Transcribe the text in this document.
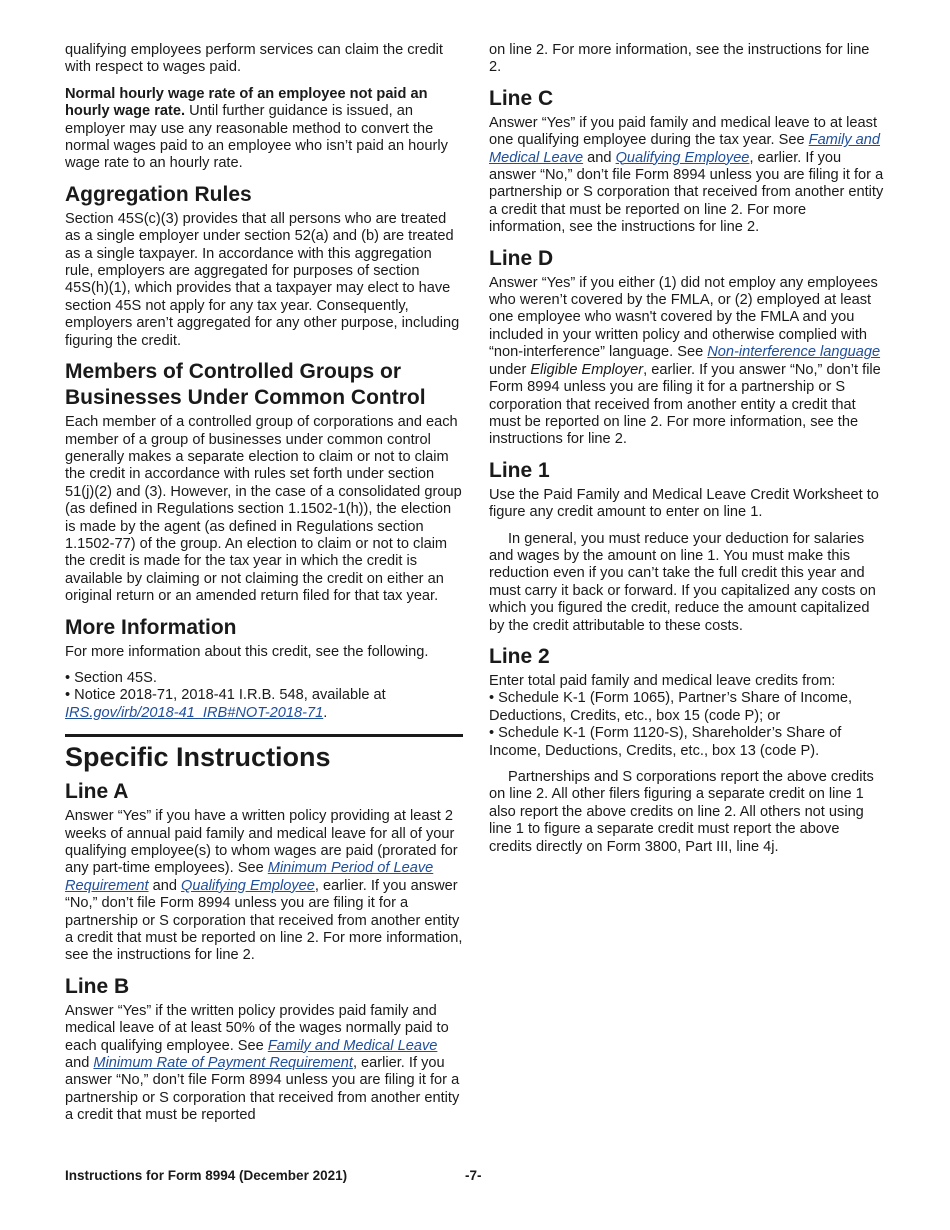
qualifying employees perform services can claim the credit with respect to wages paid.

Normal hourly wage rate of an employee not paid an hourly wage rate. Until further guidance is issued, an employer may use any reasonable method to convert the normal wages paid to an employee who isn’t paid an hourly wage rate to an hourly rate.

Aggregation Rules

Section 45S(c)(3) provides that all persons who are treated as a single employer under section 52(a) and (b) are treated as a single taxpayer. In accordance with this aggregation rule, employers are aggregated for purposes of section 45S(h)(1), which provides that a taxpayer may elect to have section 45S not apply for any tax year. Consequently, employers aren’t aggregated for any other purpose, including figuring the credit.

Members of Controlled Groups or Businesses Under Common Control

Each member of a controlled group of corporations and each member of a group of businesses under common control generally makes a separate election to claim or not to claim the credit in accordance with rules set forth under section 51(j)(2) and (3). However, in the case of a consolidated group (as defined in Regulations section 1.1502-1(h)), the election is made by the agent (as defined in Regulations section 1.1502-77) of the group. An election to claim or not to claim the credit is made for the tax year in which the credit is available by claiming or not claiming the credit on either an original return or an amended return filed for that tax year.

More Information

For more information about this credit, see the following.

• Section 45S.

• Notice 2018-71, 2018-41 I.R.B. 548, available at
IRS.gov/irb/2018-41_IRB#NOT-2018-71.

Specific Instructions
Line A

Answer “Yes” if you have a written policy providing at least 2 weeks of annual paid family and medical leave for all of your qualifying employee(s) to whom wages are paid (prorated for any part-time employees). See Minimum Period of Leave Requirement and Qualifying Employee, earlier. If you answer “No,” don’t file Form 8994 unless you are filing it for a partnership or S corporation that received from another entity a credit that must be reported on line 2. For more information, see the instructions for line 2.

Line B

Answer “Yes” if the written policy provides paid family and medical leave of at least 50% of the wages normally paid to each qualifying employee. See Family and Medical Leave and Minimum Rate of Payment Requirement, earlier. If you answer “No,” don’t file Form 8994 unless you are filing it for a partnership or S corporation that received from another entity a credit that must be reported

on line 2. For more information, see the instructions for line 2.

Line C

Answer “Yes” if you paid family and medical leave to at least one qualifying employee during the tax year. See Family and Medical Leave and Qualifying Employee, earlier. If you answer “No,” don’t file Form 8994 unless you are filing it for a partnership or S corporation that received from another entity a credit that must be reported on line 2. For more information, see the instructions for line 2.

Line D

Answer “Yes” if you either (1) did not employ any employees who weren’t covered by the FMLA, or (2) employed at least one employee who wasn't covered by the FMLA and you included in your written policy and otherwise complied with “non-interference” language. See Non-interference language under Eligible Employer, earlier. If you answer “No,” don’t file Form 8994 unless you are filing it for a partnership or S corporation that received from another entity a credit that must be reported on line 2. For more information, see the instructions for line 2.

Line 1

Use the Paid Family and Medical Leave Credit Worksheet to figure any credit amount to enter on line 1.

In general, you must reduce your deduction for salaries and wages by the amount on line 1. You must make this reduction even if you can’t take the full credit this year and must carry it back or forward. If you capitalized any costs on which you figured the credit, reduce the amount capitalized by the credit attributable to these costs.

Line 2

Enter total paid family and medical leave credits from:

• Schedule K-1 (Form 1065), Partner’s Share of Income, Deductions, Credits, etc., box 15 (code P); or

• Schedule K-1 (Form 1120-S), Shareholder’s Share of Income, Deductions, Credits, etc., box 13 (code P).

Partnerships and S corporations report the above credits on line 2. All other filers figuring a separate credit on line 1 also report the above credits on line 2. All others not using line 1 to figure a separate credit must report the above credits directly on Form 3800, Part III, line 4j.

Instructions for Form 8994 (December 2021)	-7-
